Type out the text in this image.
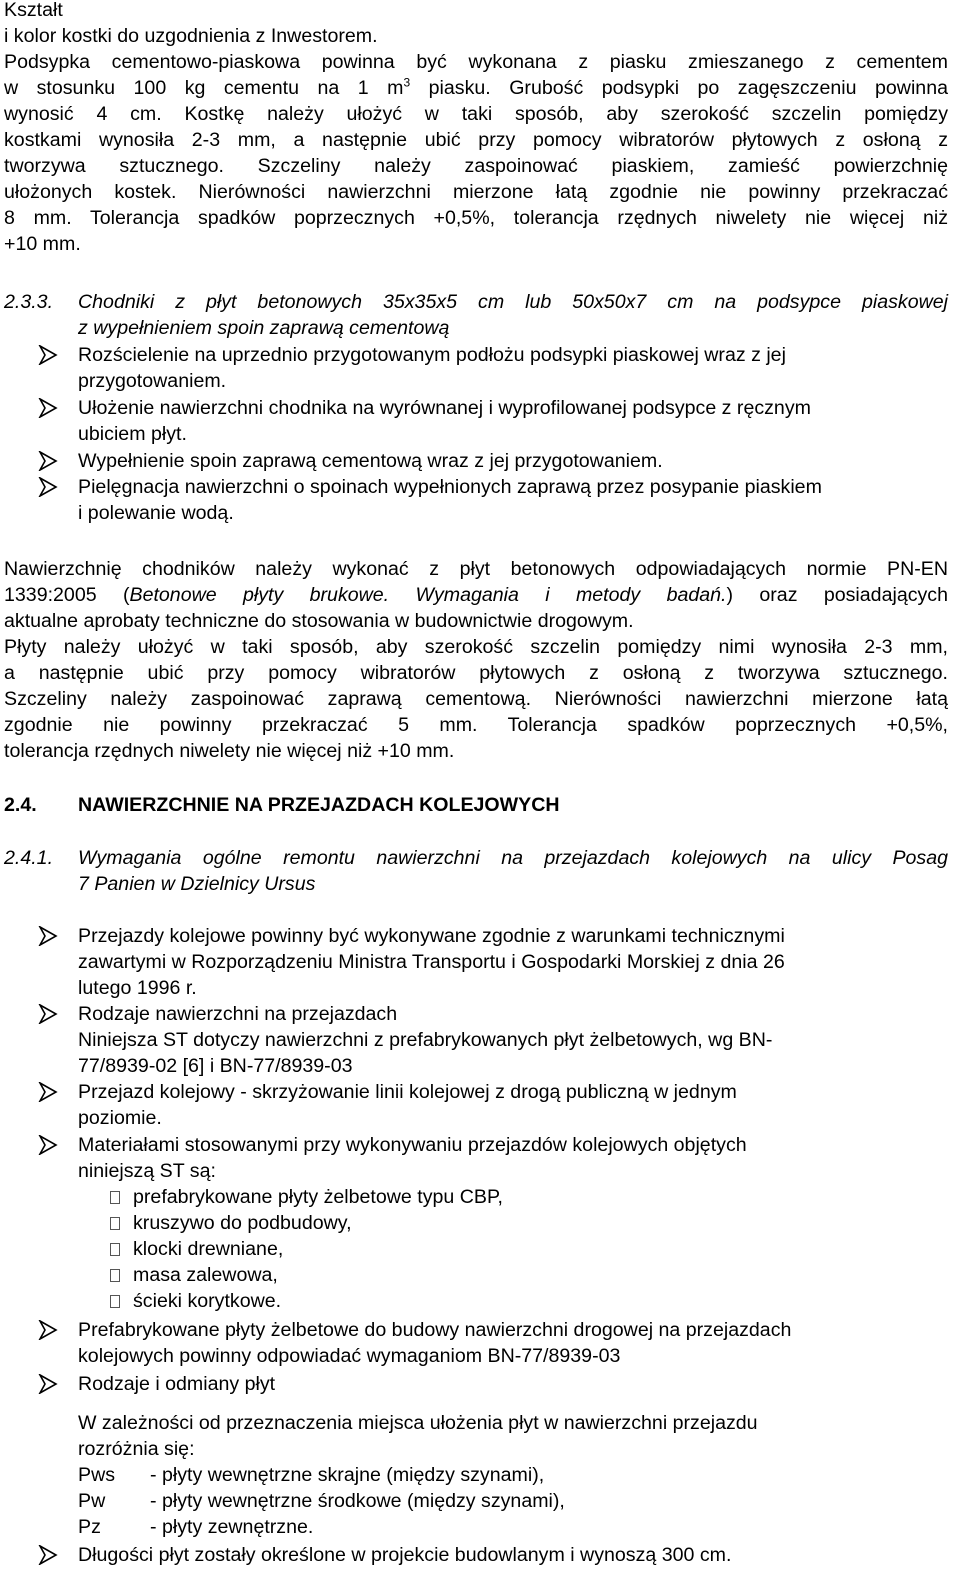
Kształt
i kolor kostki do uzgodnienia z Inwestorem.
Podsypka cementowo-piaskowa powinna być wykonana z piasku zmieszanego z cementem
w stosunku 100 kg cementu na 1 $m^3$ piasku. Grubość podsypki po zagęszczeniu powinna
wynosić 4 cm. Kostkę należy ułożyć w taki sposób, aby szerokość szczelin pomiędzy
kostkami wynosiła 2-3 mm, a następnie ubić przy pomocy wibratorów płytowych z osłoną z
tworzywa sztucznego. Szczeliny należy zaspoinować piaskiem, zamieść powierzchnię
ułożonych kostek. Nierówności nawierzchni mierzone łatą zgodnie nie powinny przekraczać
8 mm. Tolerancja spadków poprzecznych +0,5%, tolerancja rzędnych niwelety nie więcej niż
+10 mm.
2.3.3. Chodniki z płyt betonowych 35x35x5 cm lub 50x50x7 cm na podsypce piaskowej
z wypełnieniem spoin zaprawą cementową
Rozścielenie na uprzednio przygotowanym podłożu podsypki piaskowej wraz z jej
przygotowaniem.
Ułożenie nawierzchni chodnika na wyrównanej i wyprofilowanej podsypce z ręcznym
ubiciem płyt.
Wypełnienie spoin zaprawą cementową wraz z jej przygotowaniem.
Pielęgnacja nawierzchni o spoinach wypełnionych zaprawą przez posypanie piaskiem
i polewanie wodą.
Nawierzchnię chodników należy wykonać z płyt betonowych odpowiadających normie PN-EN
1339:2005 (Betonowe płyty brukowe. Wymagania i metody badań.) oraz posiadających
aktualne aprobaty techniczne do stosowania w budownictwie drogowym.
Płyty należy ułożyć w taki sposób, aby szerokość szczelin pomiędzy nimi wynosiła 2-3 mm,
a następnie ubić przy pomocy wibratorów płytowych z osłoną z tworzywa sztucznego.
Szczeliny należy zaspoinować zaprawą cementową. Nierówności nawierzchni mierzone łatą
zgodnie nie powinny przekraczać 5 mm. Tolerancja spadków poprzecznych +0,5%,
tolerancja rzędnych niwelety nie więcej niż +10 mm.
2.4. NAWIERZCHNIE NA PRZEJAZDACH KOLEJOWYCH
2.4.1. Wymagania ogólne remontu nawierzchni na przejazdach kolejowych na ulicy Posag
7 Panien w Dzielnicy Ursus
Przejazdy kolejowe powinny być wykonywane zgodnie z warunkami technicznymi
zawartymi w Rozporządzeniu Ministra Transportu i Gospodarki Morskiej z dnia 26
lutego 1996 r.
Rodzaje nawierzchni na przejazdach
Niniejsza ST dotyczy nawierzchni z prefabrykowanych płyt żelbetowych, wg BN-
77/8939-02 [6] i BN-77/8939-03
Przejazd kolejowy - skrzyżowanie linii kolejowej z drogą publiczną w jednym
poziomie.
Materiałami stosowanymi przy wykonywaniu przejazdów kolejowych objętych
niniejszą ST są:
prefabrykowane płyty żelbetowe typu CBP,
kruszywo do podbudowy,
klocki drewniane,
masa zalewowa,
ścieki korytkowe.
Prefabrykowane płyty żelbetowe do budowy nawierzchni drogowej na przejazdach
kolejowych powinny odpowiadać wymaganiom BN-77/8939-03
Rodzaje i odmiany płyt
W zależności od przeznaczenia miejsca ułożenia płyt w nawierzchni przejazdu
rozróżnia się:
Pws - płyty wewnętrzne skrajne (między szynami),
Pw - płyty wewnętrzne środkowe (między szynami),
Pz	- płyty zewnętrzne.
Długości płyt zostały określone w projekcie budowlanym i wynoszą 300 cm.
